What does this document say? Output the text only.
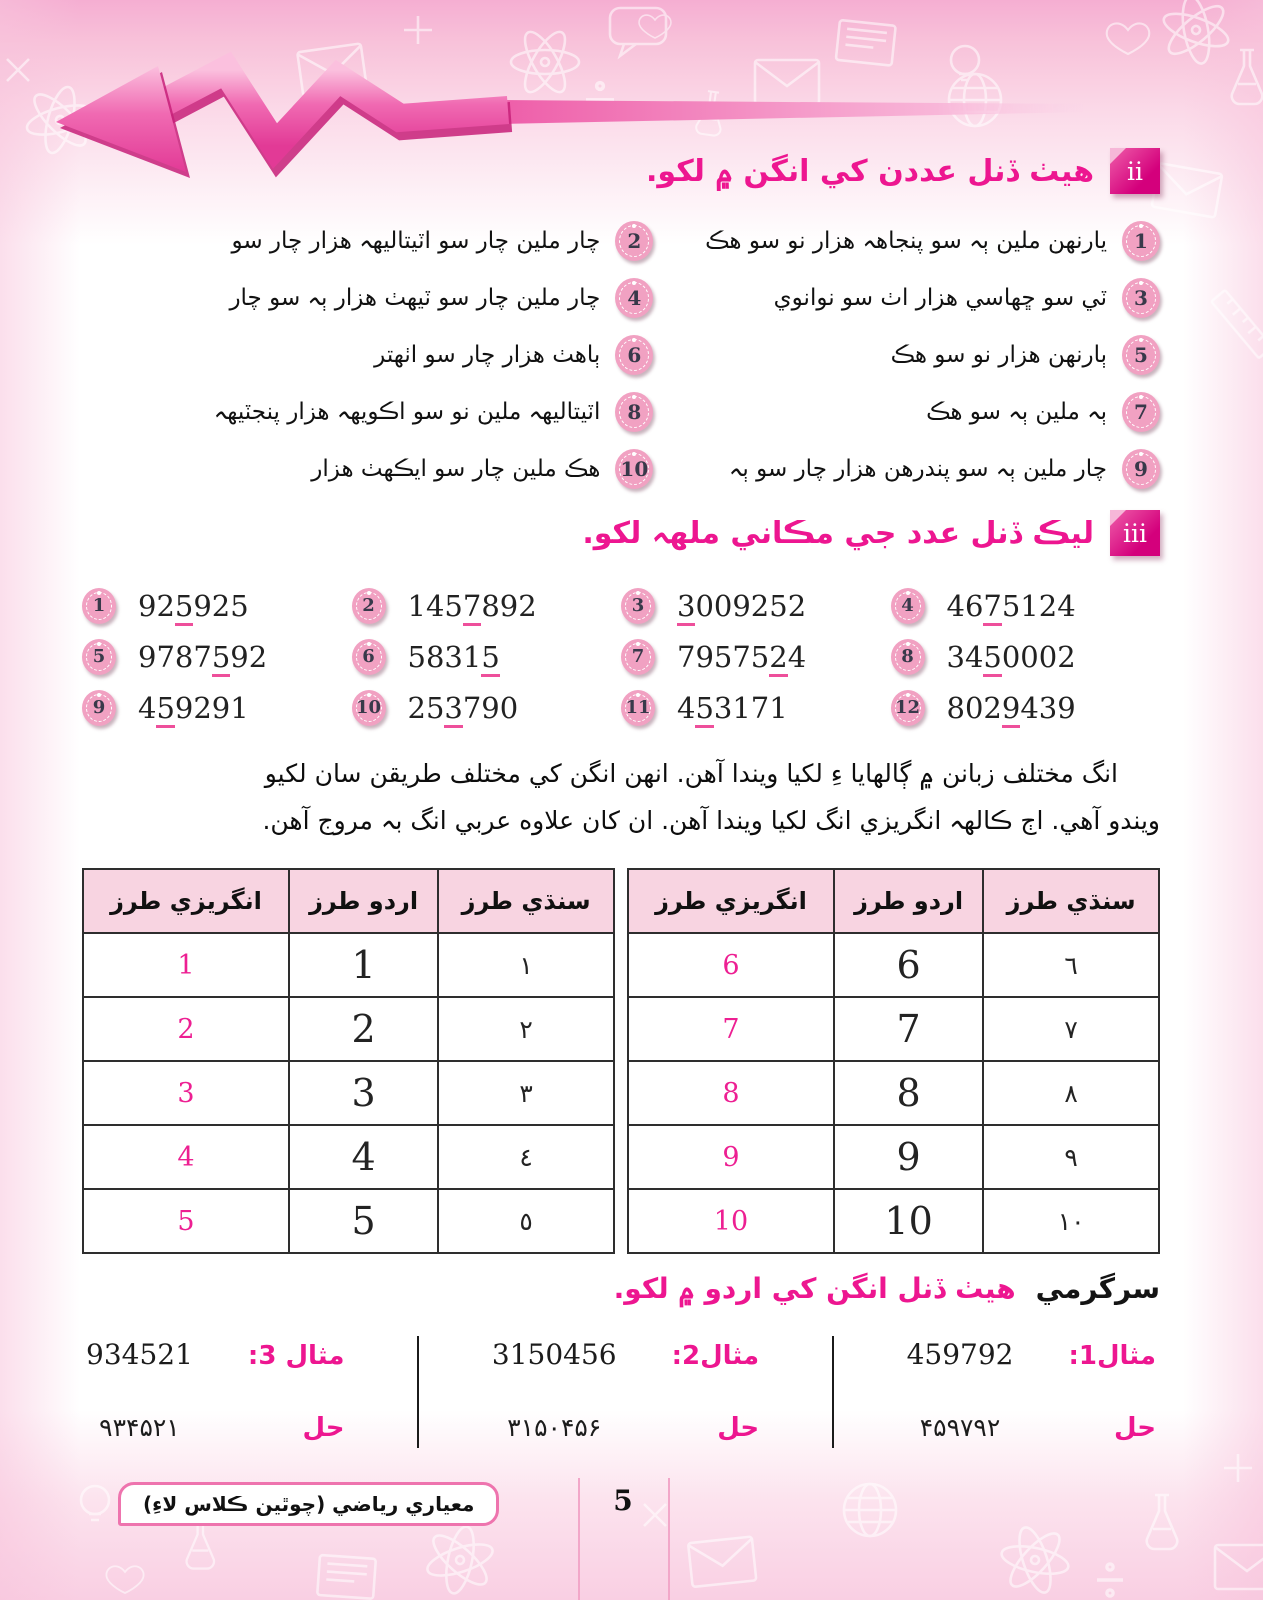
ii
هيٺ ڏنل عددن کي انگن ۾ لکو.
1
يارنهن ملين ٻہ سو پنجاهہ هزار نو سو هڪ
2
چار ملين چار سو اٽيتاليهہ هزار چار سو
3
ٽي سو ڇهاسي هزار اٺ سو نوانوي
4
چار ملين چار سو ٽيهٺ هزار ٻہ سو چار
5
ٻارنهن هزار نو سو هڪ
6
ٻاهٺ هزار چار سو اٺهتر
7
ٻہ ملين ٻہ سو هڪ
8
اٽيتاليهہ ملين نو سو اڪويهہ هزار پنجٽيهہ
9
چار ملين ٻہ سو پندرهن هزار چار سو ٻہ
10
هڪ ملين چار سو ايڪهٺ هزار
iii
ليڪ ڏنل عدد جي مڪاني ملهہ لکو.
1	925925	2	1457892	3	3009252	4	4675124
5	9787592	6	58315	7	7957524	8	3450002
9	459291	10 253790	11 453171	12 8029439
انگ مختلف زبانن ۾ ڳالهايا ءِ لکيا ويندا آهن. انهن انگن کي مختلف طريقن سان لکيو
ويندو آهي. اڄ ڪالهہ انگريزي انگ لکيا ويندا آهن. ان کان علاوه عربي انگ بہ مروج آهن.
انگريزي طرز	اردو طرز	سنڌي طرز
1	1	١
2	2	٢
3	3	٣
4	4	٤
5	5	٥
انگريزي طرز	اردو طرز	سنڌي طرز
6	6	٦
7	7	٧
8	8	٨
9	9	٩
10	10	١٠
سرگرمي
هيٺ ڏنل انگن کي اردو ۾ لکو.
مثال1:
459792
حل
۴۵۹۷۹۲
مثال2:
3150456
حل
۳۱۵۰۴۵۶
مثال 3:
934521
حل
۹۳۴۵۲۱
معياري رياضي (چوٿين ڪلاس لاءِ)	5
